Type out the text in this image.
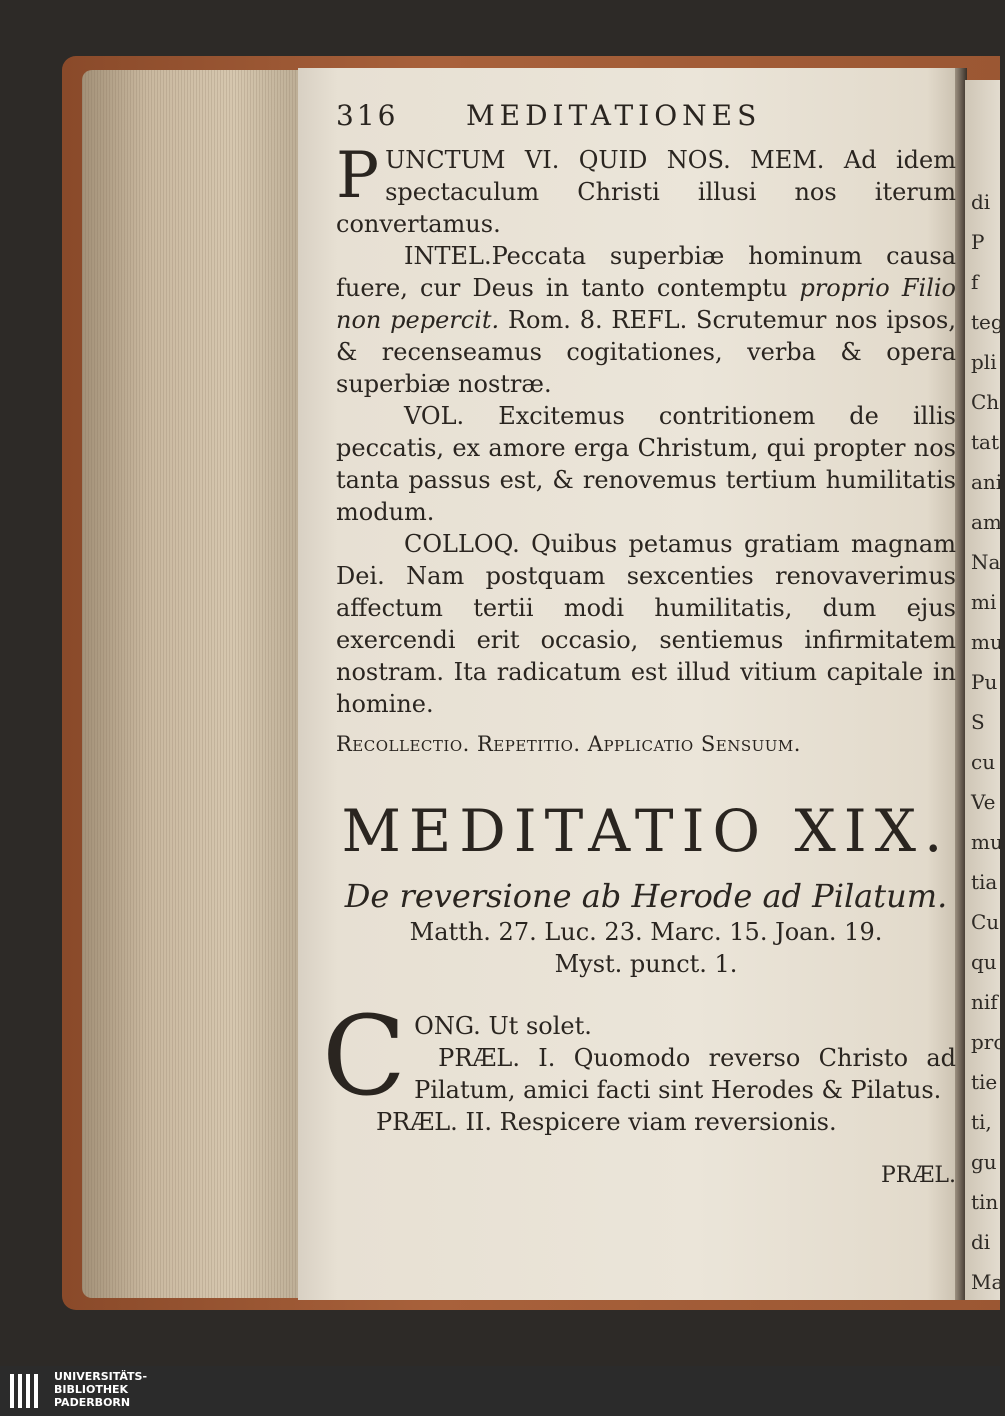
di
P
f
teg
pli
Ch
tat
ani
am
Na
mi
mu
Pu
S
cu
Ve
mu
tia
Cu
qu
nif
pro
tie
ti,
gu
tin
di
Ma
316	MEDITATIONES

P UNCTUM VI. QUID NOS. MEM. Ad idem spectaculum Christi illusi nos iterum convertamus.

INTEL.Peccata superbiæ hominum causa fuere, cur Deus in tanto contemptu proprio Filio non pepercit. Rom. 8. REFL. Scrutemur nos ipsos, & recenseamus cogitationes, verba & opera superbiæ nostræ.

VOL. Excitemus contritionem de illis peccatis, ex amore erga Christum, qui propter nos tanta passus est, & renovemus tertium humilitatis modum.

COLLOQ. Quibus petamus gratiam magnam Dei. Nam postquam sexcenties renovaverimus affectum tertii modi humilitatis, dum ejus exercendi erit occasio, sentiemus infirmitatem nostram. Ita radicatum est illud vitium capitale in homine.

Recollectio. Repetitio. Applicatio Sensuum.

MEDITATIO XIX.
De reversione ab Herode ad Pilatum.
Matth. 27. Luc. 23. Marc. 15. Joan. 19.
Myst. punct. 1.
C ONG. Ut solet.

PRÆL. I. Quomodo reverso Christo ad Pilatum, amici facti sint Herodes & Pilatus.

PRÆL. II. Respicere viam reversionis.

PRÆL.
UNIVERSITÄTS-
BIBLIOTHEK
PADERBORN
